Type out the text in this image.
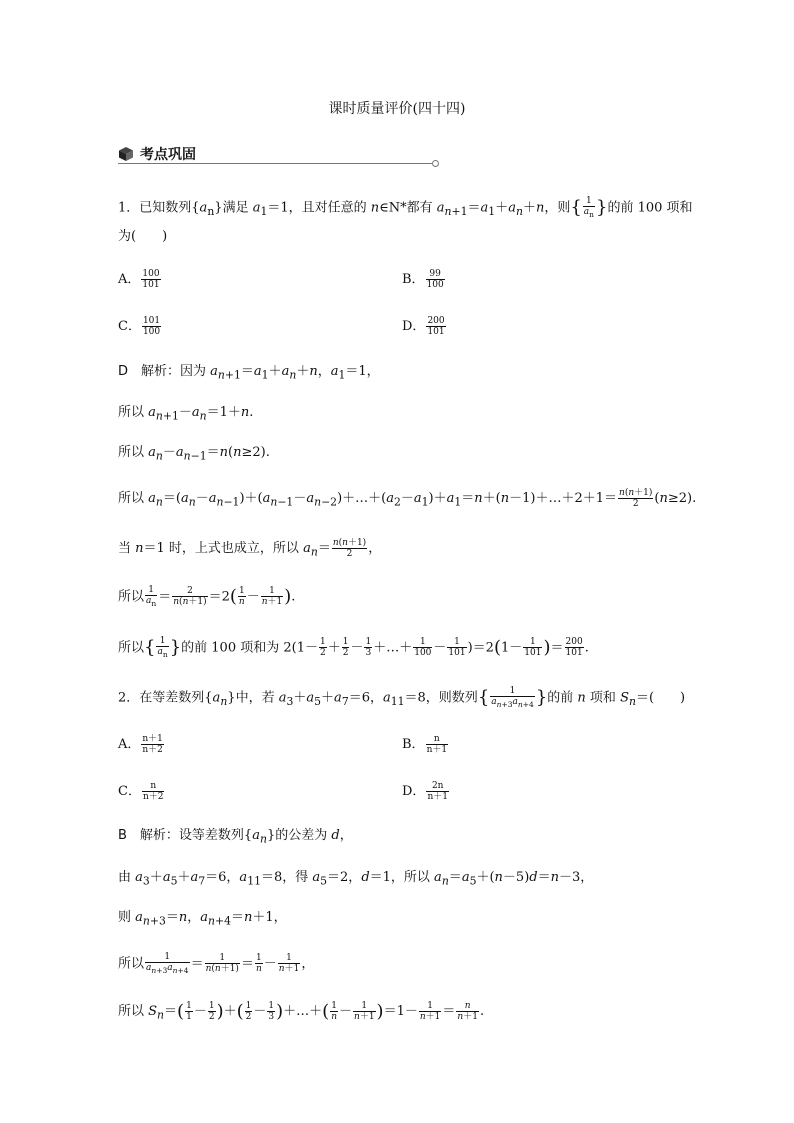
课时质量评价(四十四)
考点巩固
1．已知数列$\{a_n\}$满足 $a_1=1$，且对任意的 n∈N*都有 $a_{n+1}=a_1+a_n+n$，则{ $\frac{1}{a_n}$ }的前 100 项和
为(　　)
A． $\frac{100}{101}$	B． $\frac{99}{100}$
C． $\frac{101}{100}$	D． $\frac{200}{101}$
D　解析：因为 $a_{n+1}=a_1+a_n+n$，$a_1=1$，
所以 $a_{n+1}-a_n=1+n$.
所以 $a_n-a_{n-1}=n(n\ge 2)$.
所以 $a_n=(a_n-a_{n-1})+(a_{n-1}-a_{n-2})+\dots+(a_2-a_1)+a_1=n+(n-1)+\dots+2+1= \frac{n(n+1)}{2} (n\ge 2)$.
当 n＝1 时，上式也成立，所以 $a_n= \frac{n(n+1)}{2}$ ，
所以 $\frac{1}{a_n} = \frac{2}{n(n+1)} =2( \frac{1}{n} - \frac{1}{n+1}$ ).
所以{ $\frac{1}{a_n}$ }的前 100 项和为 $2(1- \frac{1}{2} + \frac{1}{2} - \frac{1}{3}$ ＋…＋ $\frac{1}{100} - \frac{1}{101} )=2(1- \frac{1}{101}$ )＝ $\frac{200}{101}$ .
2．在等差数列$\{a_n\}$中，若 $a_3+a_5+a_7=6$，$a_{11}=8$，则数列{ $\frac{1}{a_{n+3}a_{n+4}}$ }的前 n 项和 $S_n=$(　　)
A． $\frac{n+1}{n+2}$	B． $\frac{n}{n+1}$
C． $\frac{n}{n+2}$	D． $\frac{2n}{n+1}$
B　解析：设等差数列$\{a_n\}$的公差为 d，
由 $a_3+a_5+a_7=6$，$a_{11}=8$，得 $a_5=2$，d＝1，所以 $a_n=a_5+(n-5)d=n-3$，
则 $a_{n+3}=n$，$a_{n+4}=n+1$，
所以 $\frac{1}{a_{n+3}a_{n+4}} = \frac{1}{n(n+1)} = \frac{1}{n} - \frac{1}{n+1}$ ，
所以 $S_n=( \frac{1}{1} - \frac{1}{2}$ )＋( $\frac{1}{2} - \frac{1}{3}$ )＋…＋( $\frac{1}{n} - \frac{1}{n+1} )=1- \frac{1}{n+1} = \frac{n}{n+1}$ .
